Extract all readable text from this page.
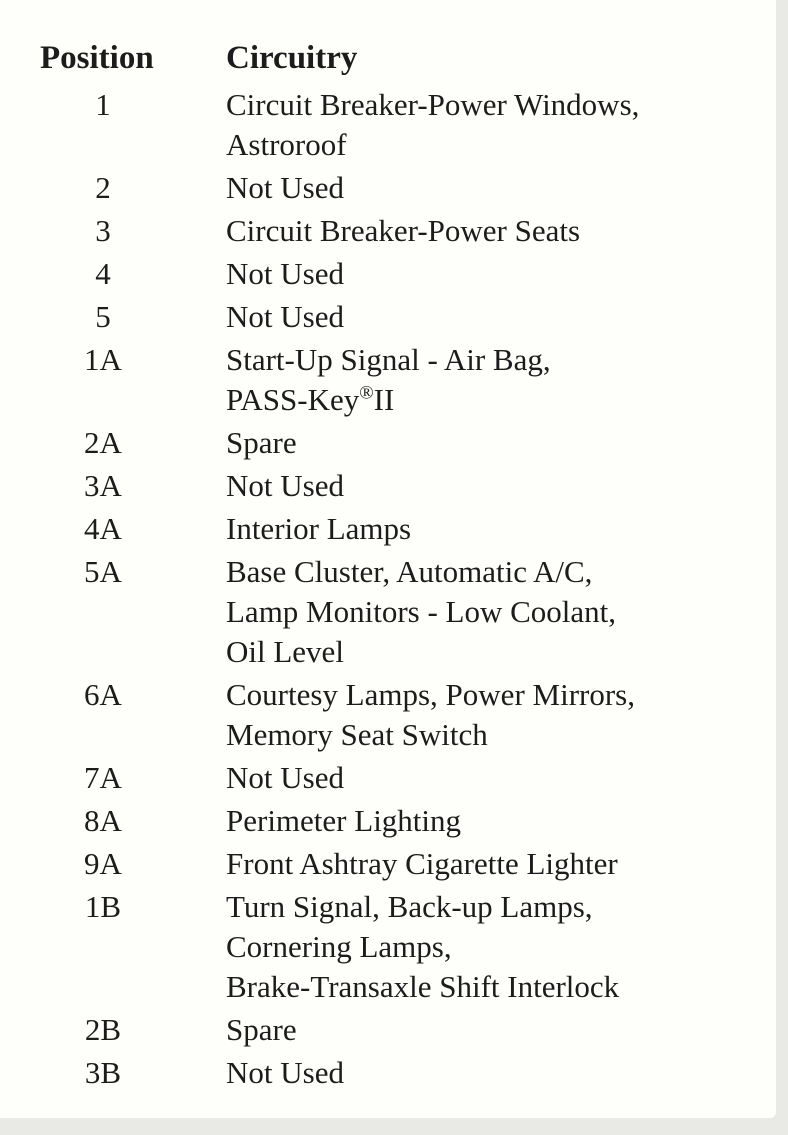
Position Circuitry
1	Circuit Breaker-Power Windows,
Astroroof
2	Not Used
3	Circuit Breaker-Power Seats
4	Not Used
5	Not Used
1A	Start-Up Signal - Air Bag,
PASS-Key®II
2A	Spare
3A	Not Used
4A	Interior Lamps
5A	Base Cluster, Automatic A/C,
Lamp Monitors - Low Coolant,
Oil Level
6A	Courtesy Lamps, Power Mirrors,
Memory Seat Switch
7A	Not Used
8A	Perimeter Lighting
9A	Front Ashtray Cigarette Lighter
1B	Turn Signal, Back-up Lamps,
Cornering Lamps,
Brake-Transaxle Shift Interlock
2B	Spare
3B	Not Used
